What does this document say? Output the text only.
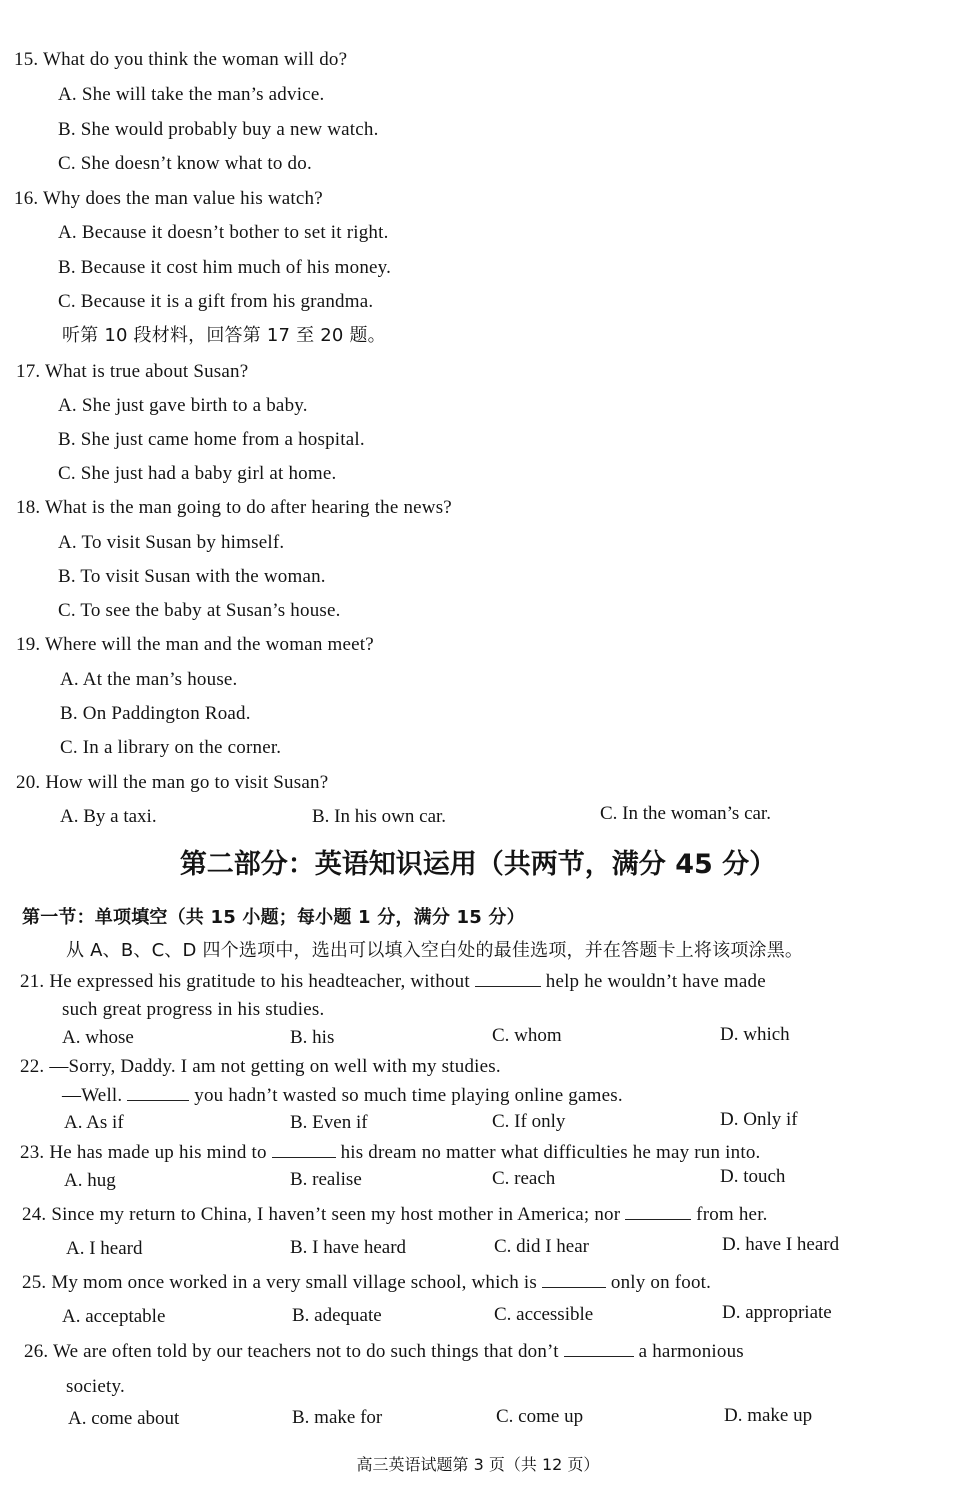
15. What do you think the woman will do?
A. She will take the man’s advice.
B. She would probably buy a new watch.
C. She doesn’t know what to do.
16. Why does the man value his watch?
A. Because it doesn’t bother to set it right.
B. Because it cost him much of his money.
C. Because it is a gift from his grandma.
听第 10 段材料，回答第 17 至 20 题。
17. What is true about Susan?
A. She just gave birth to a baby.
B. She just came home from a hospital.
C. She just had a baby girl at home.
18. What is the man going to do after hearing the news?
A. To visit Susan by himself.
B. To visit Susan with the woman.
C. To see the baby at Susan’s house.
19. Where will the man and the woman meet?
A. At the man’s house.
B. On Paddington Road.
C. In a library on the corner.
20. How will the man go to visit Susan?
A. By a taxi.	B. In his own car.	C. In the woman’s car.
第二部分：英语知识运用（共两节，满分 45 分）
第一节：单项填空（共 15 小题；每小题 1 分，满分 15 分）
从 A、B、C、D 四个选项中，选出可以填入空白处的最佳选项，并在答题卡上将该项涂黑。
21. He expressed his gratitude to his headteacher, without	help he wouldn’t have made
such great progress in his studies.
A. whose	B. his	C. whom	D. which
22. —Sorry, Daddy. I am not getting on well with my studies.
—Well.	you hadn’t wasted so much time playing online games.
A. As if	B. Even if	C. If only	D. Only if
23. He has made up his mind to	his dream no matter what difficulties he may run into.
A. hug	B. realise	C. reach	D. touch
24. Since my return to China, I haven’t seen my host mother in America; nor	from her.
A. I heard	B. I have heard	C. did I hear	D. have I heard
25. My mom once worked in a very small village school, which is	only on foot.
A. acceptable	B. adequate	C. accessible	D. appropriate
26. We are often told by our teachers not to do such things that don’t	a harmonious
society.
A. come about	B. make for	C. come up	D. make up
高三英语试题第 3 页（共 12 页）
